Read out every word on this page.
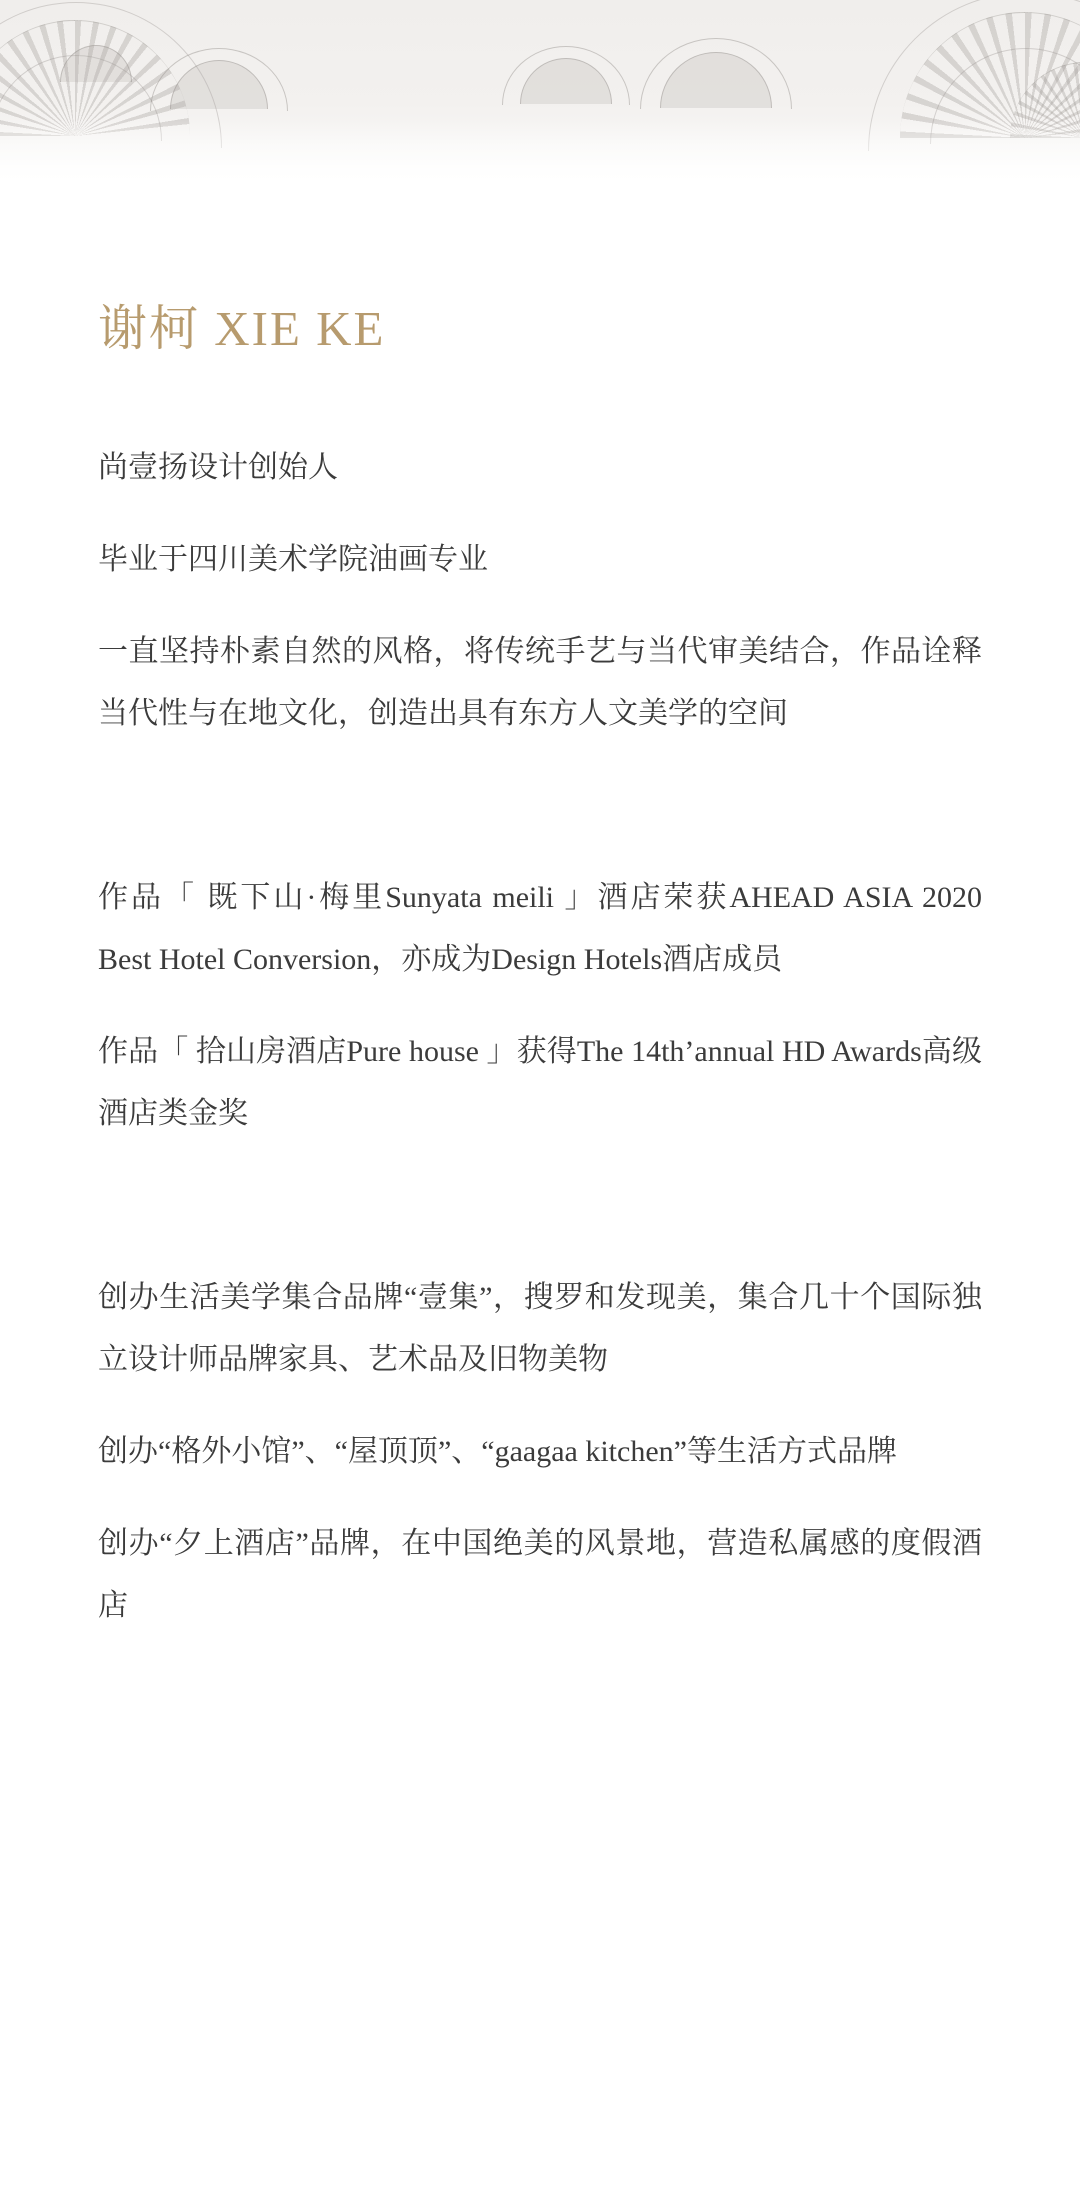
谢柯 XIE KE

尚壹扬设计创始人

毕业于四川美术学院油画专业

一直坚持朴素自然的风格，将传统手艺与当代审美结合，作品诠释当代性与在地文化，创造出具有东方人文美学的空间

作品「 既下山·梅里Sunyata meili 」酒店荣获AHEAD ASIA 2020 Best Hotel Conversion，亦成为Design Hotels酒店成员

作品「 拾山房酒店Pure house 」获得The 14th’annual HD Awards高级酒店类金奖

创办生活美学集合品牌“壹集”，搜罗和发现美，集合几十个国际独立设计师品牌家具、艺术品及旧物美物

创办“格外小馆”、“屋顶顶”、“gaagaa kitchen”等生活方式品牌

创办“夕上酒店”品牌，在中国绝美的风景地，营造私属感的度假酒店
